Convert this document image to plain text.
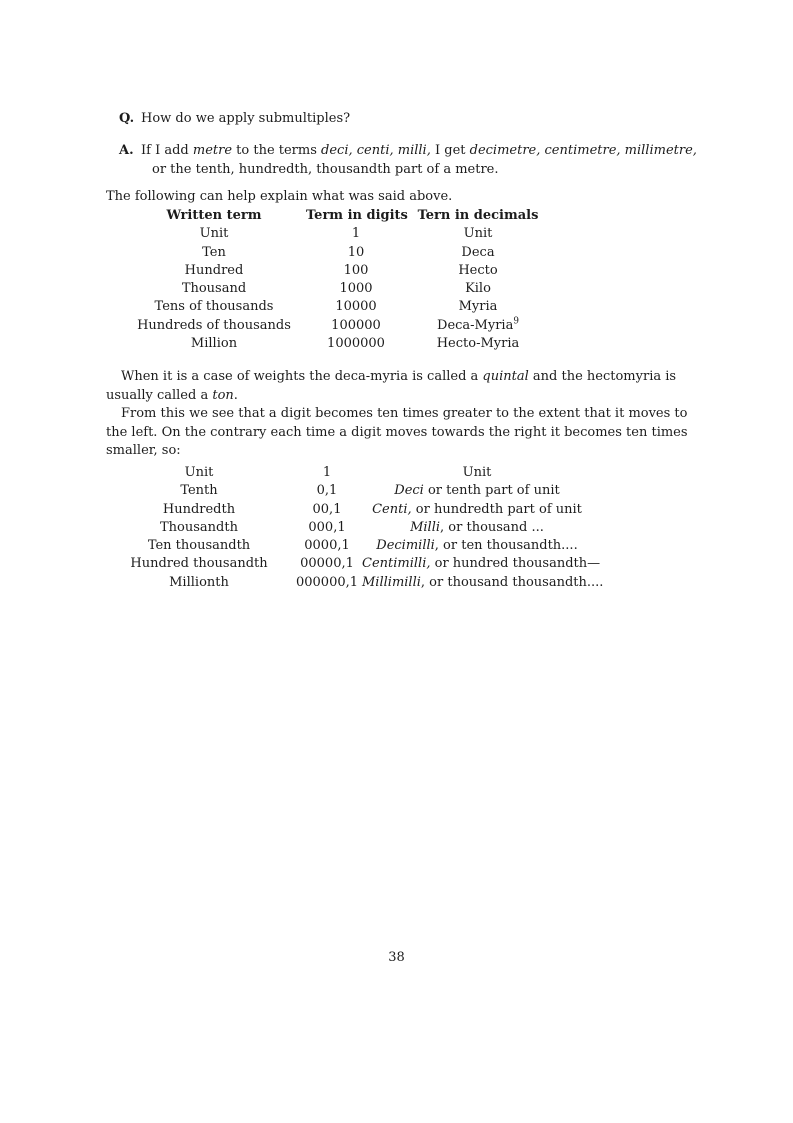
Q. How do we apply submultiples?
A. If I add metre to the terms deci, centi, milli, I get decimetre, centimetre, millimetre,
or the tenth, hundredth, thousandth part of a metre.
The following can help explain what was said above.
Written term	Term in digits Tern in decimals
Unit	1	Unit
Ten	10	Deca
Hundred	100	Hecto
Thousand	1000	Kilo
Tens of thousands	10000	Myria
Hundreds of thousands	100000	Deca-Myria$^9$
Million	1000000	Hecto-Myria
When it is a case of weights the deca-myria is called a quintal and the hectomyria is
usually called a ton.
From this we see that a digit becomes ten times greater to the extent that it moves to
the left. On the contrary each time a digit moves towards the right it becomes ten times
smaller, so:
Unit	1	Unit
Tenth	0,1	Deci or tenth part of unit
Hundredth	00,1	Centi, or hundredth part of unit
Thousandth	000,1	Milli, or thousand ...
Ten thousandth	0000,1	Decimilli, or ten thousandth....
Hundred thousandth	00000,1 Centimilli, or hundred thousandth—
Millionth	000000,1 Millimilli, or thousand thousandth....
38
